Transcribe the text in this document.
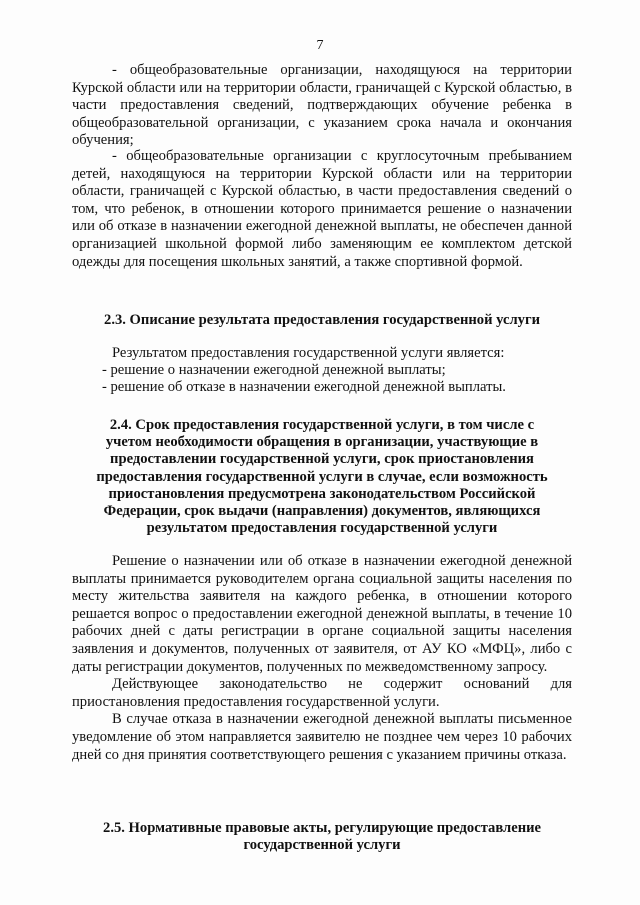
7

- общеобразовательные организации, находящуюся на территории Курской области или на территории области, граничащей с Курской областью, в части предоставления сведений, подтверждающих обучение ребенка в общеобразовательной организации, с указанием срока начала и окончания обучения;

- общеобразовательные организации с круглосуточным пребыванием детей, находящуюся на территории Курской области или на территории области, граничащей с Курской областью, в части предоставления сведений о том, что ребенок, в отношении которого принимается решение о назначении или об отказе в назначении ежегодной денежной выплаты, не обеспечен данной организацией школьной формой либо заменяющим ее комплектом детской одежды для посещения школьных занятий, а также спортивной формой.

2.3. Описание результата предоставления государственной услуги
Результатом предоставления государственной услуги является:
- решение о назначении ежегодной денежной выплаты;
- решение об отказе в назначении ежегодной денежной выплаты.
2.4. Срок предоставления государственной услуги, в том числе с
учетом необходимости обращения в организации, участвующие в
предоставлении государственной услуги, срок приостановления
предоставления государственной услуги в случае, если возможность
приостановления предусмотрена законодательством Российской
Федерации, срок выдачи (направления) документов, являющихся
результатом предоставления государственной услуги

Решение о назначении или об отказе в назначении ежегодной денежной выплаты принимается руководителем органа социальной защиты населения по месту жительства заявителя на каждого ребенка, в отношении которого решается вопрос о предоставлении ежегодной денежной выплаты, в течение 10 рабочих дней с даты регистрации в органе социальной защиты населения заявления и документов, полученных от заявителя, от АУ КО «МФЦ», либо с даты регистрации документов, полученных по межведомственному запросу.

Действующее законодательство не содержит оснований для приостановления предоставления государственной услуги.

В случае отказа в назначении ежегодной денежной выплаты письменное уведомление об этом направляется заявителю не позднее чем через 10 рабочих дней со дня принятия соответствующего решения с указанием причины отказа.

2.5. Нормативные правовые акты, регулирующие предоставление
государственной услуги
